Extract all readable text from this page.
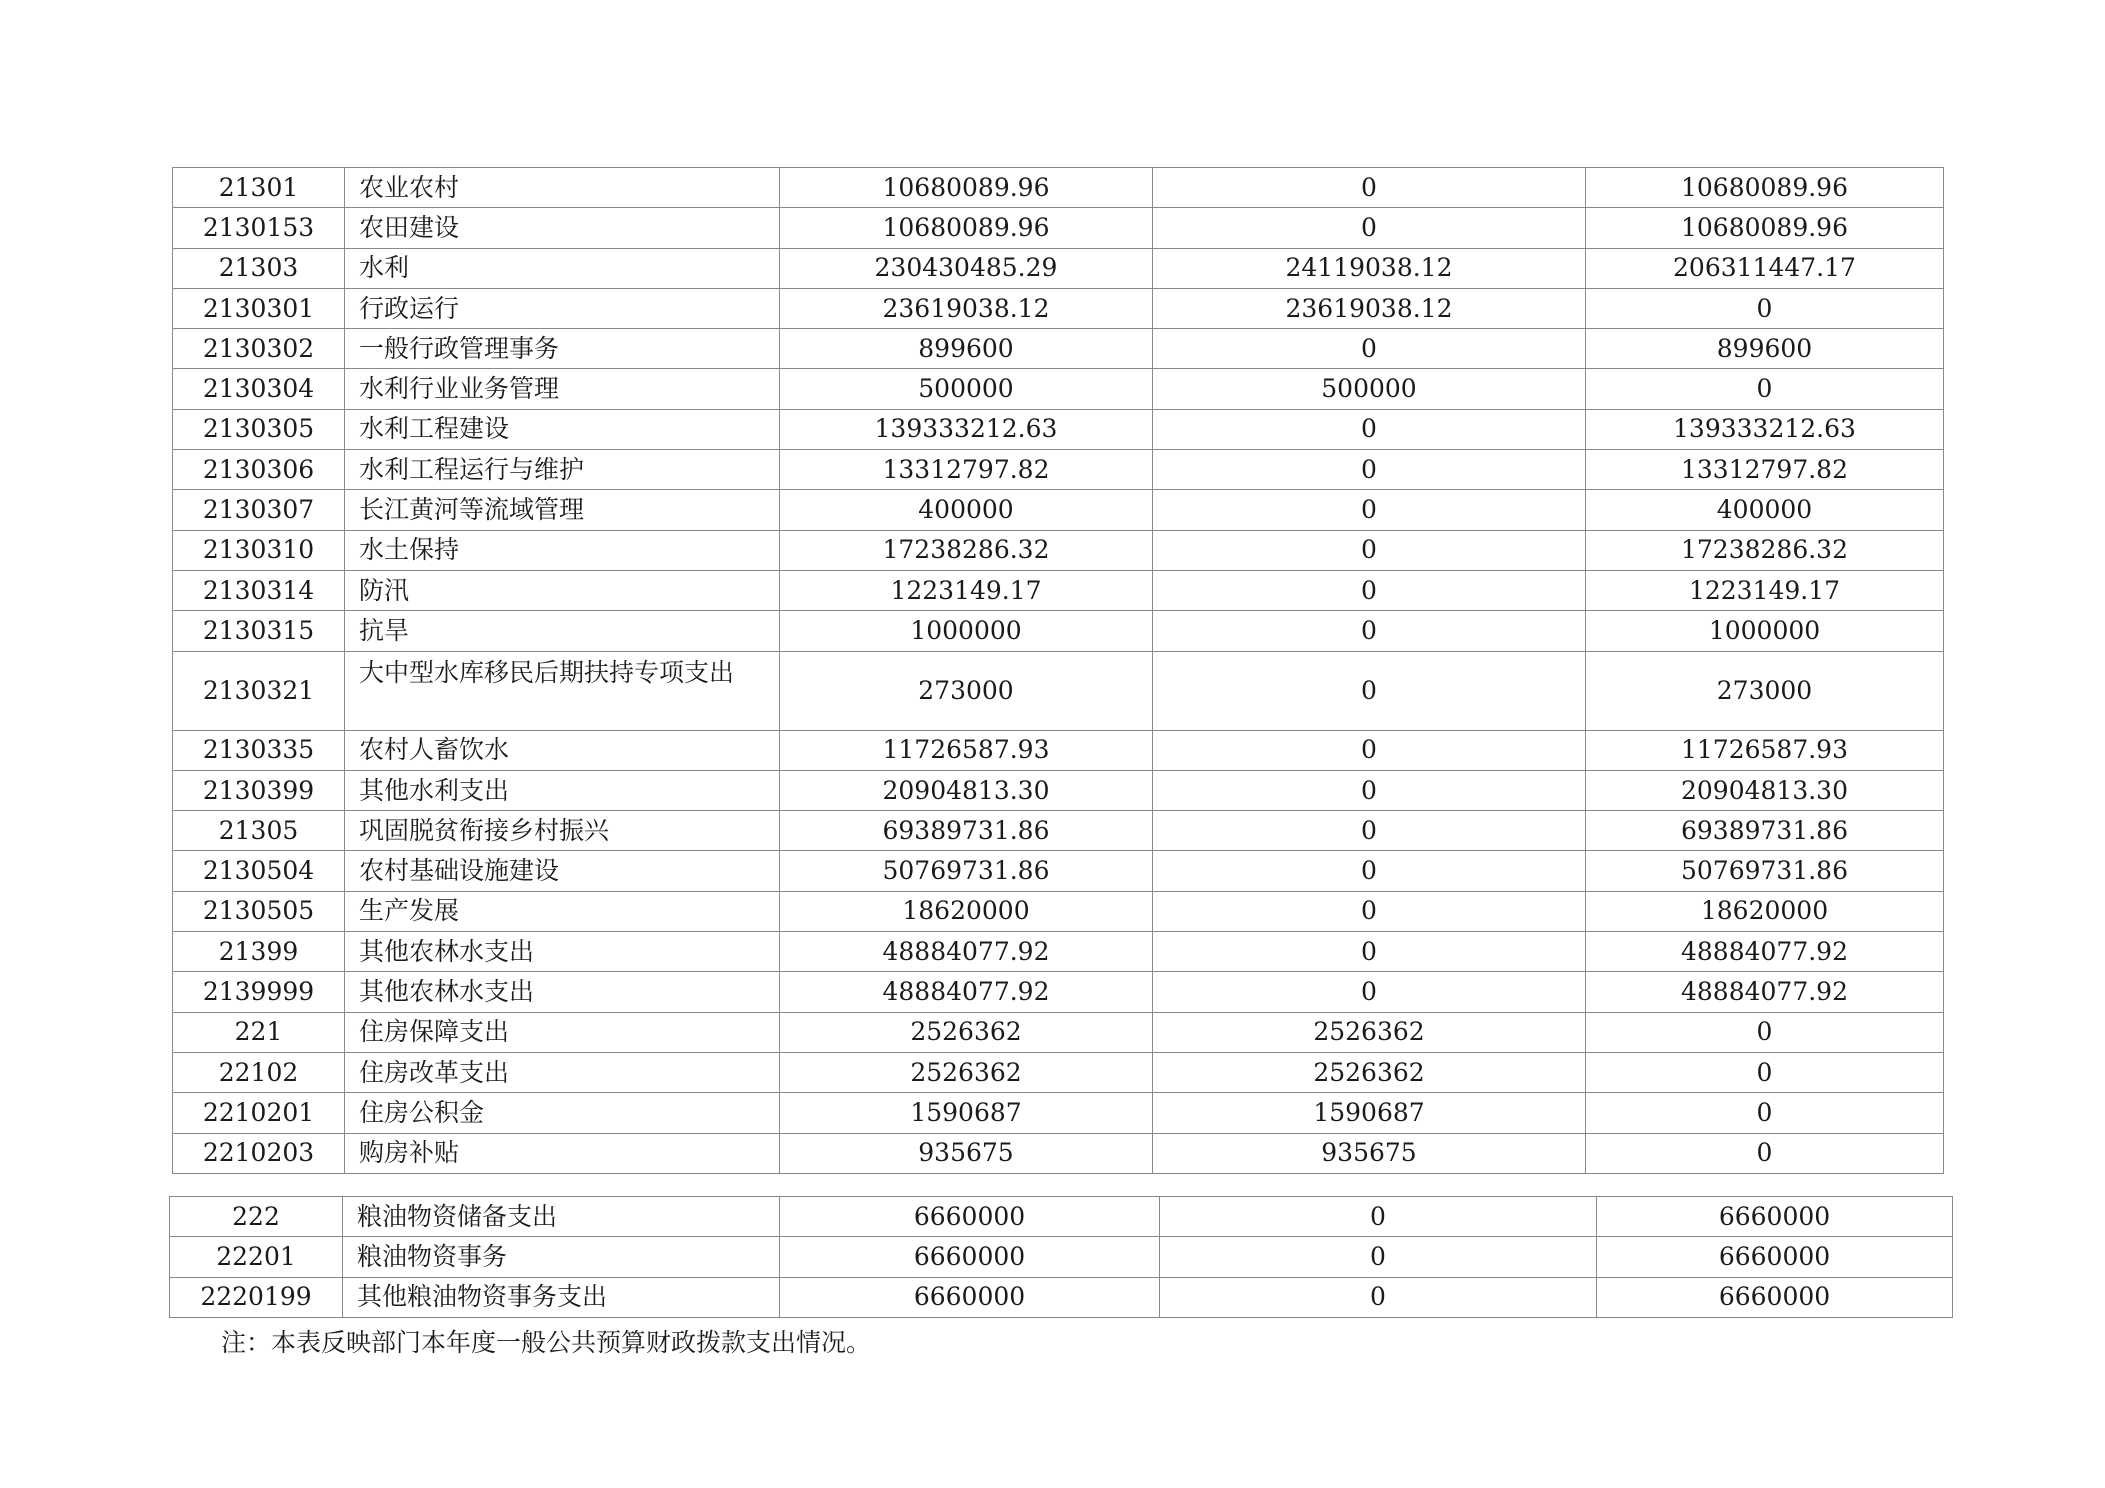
21301	农业农村	10680089.96	0	10680089.96
2130153	农田建设	10680089.96	0	10680089.96
21303	水利	230430485.29	24119038.12	206311447.17
2130301	行政运行	23619038.12	23619038.12	0
2130302	一般行政管理事务	899600	0	899600
2130304	水利行业业务管理	500000	500000	0
2130305	水利工程建设	139333212.63	0	139333212.63
2130306	水利工程运行与维护	13312797.82	0	13312797.82
2130307	长江黄河等流域管理	400000	0	400000
2130310	水土保持	17238286.32	0	17238286.32
2130314	防汛	1223149.17	0	1223149.17
2130315	抗旱	1000000	0	1000000
2130321	大中型水库移民后期扶持专项支出	273000	0	273000
2130335	农村人畜饮水	11726587.93	0	11726587.93
2130399	其他水利支出	20904813.30	0	20904813.30
21305	巩固脱贫衔接乡村振兴	69389731.86	0	69389731.86
2130504	农村基础设施建设	50769731.86	0	50769731.86
2130505	生产发展	18620000	0	18620000
21399	其他农林水支出	48884077.92	0	48884077.92
2139999	其他农林水支出	48884077.92	0	48884077.92
221	住房保障支出	2526362	2526362	0
22102	住房改革支出	2526362	2526362	0
2210201	住房公积金	1590687	1590687	0
2210203	购房补贴	935675	935675	0
222	粮油物资储备支出	6660000	0	6660000
22201	粮油物资事务	6660000	0	6660000
2220199	其他粮油物资事务支出	6660000	0	6660000
注：本表反映部门本年度一般公共预算财政拨款支出情况。
